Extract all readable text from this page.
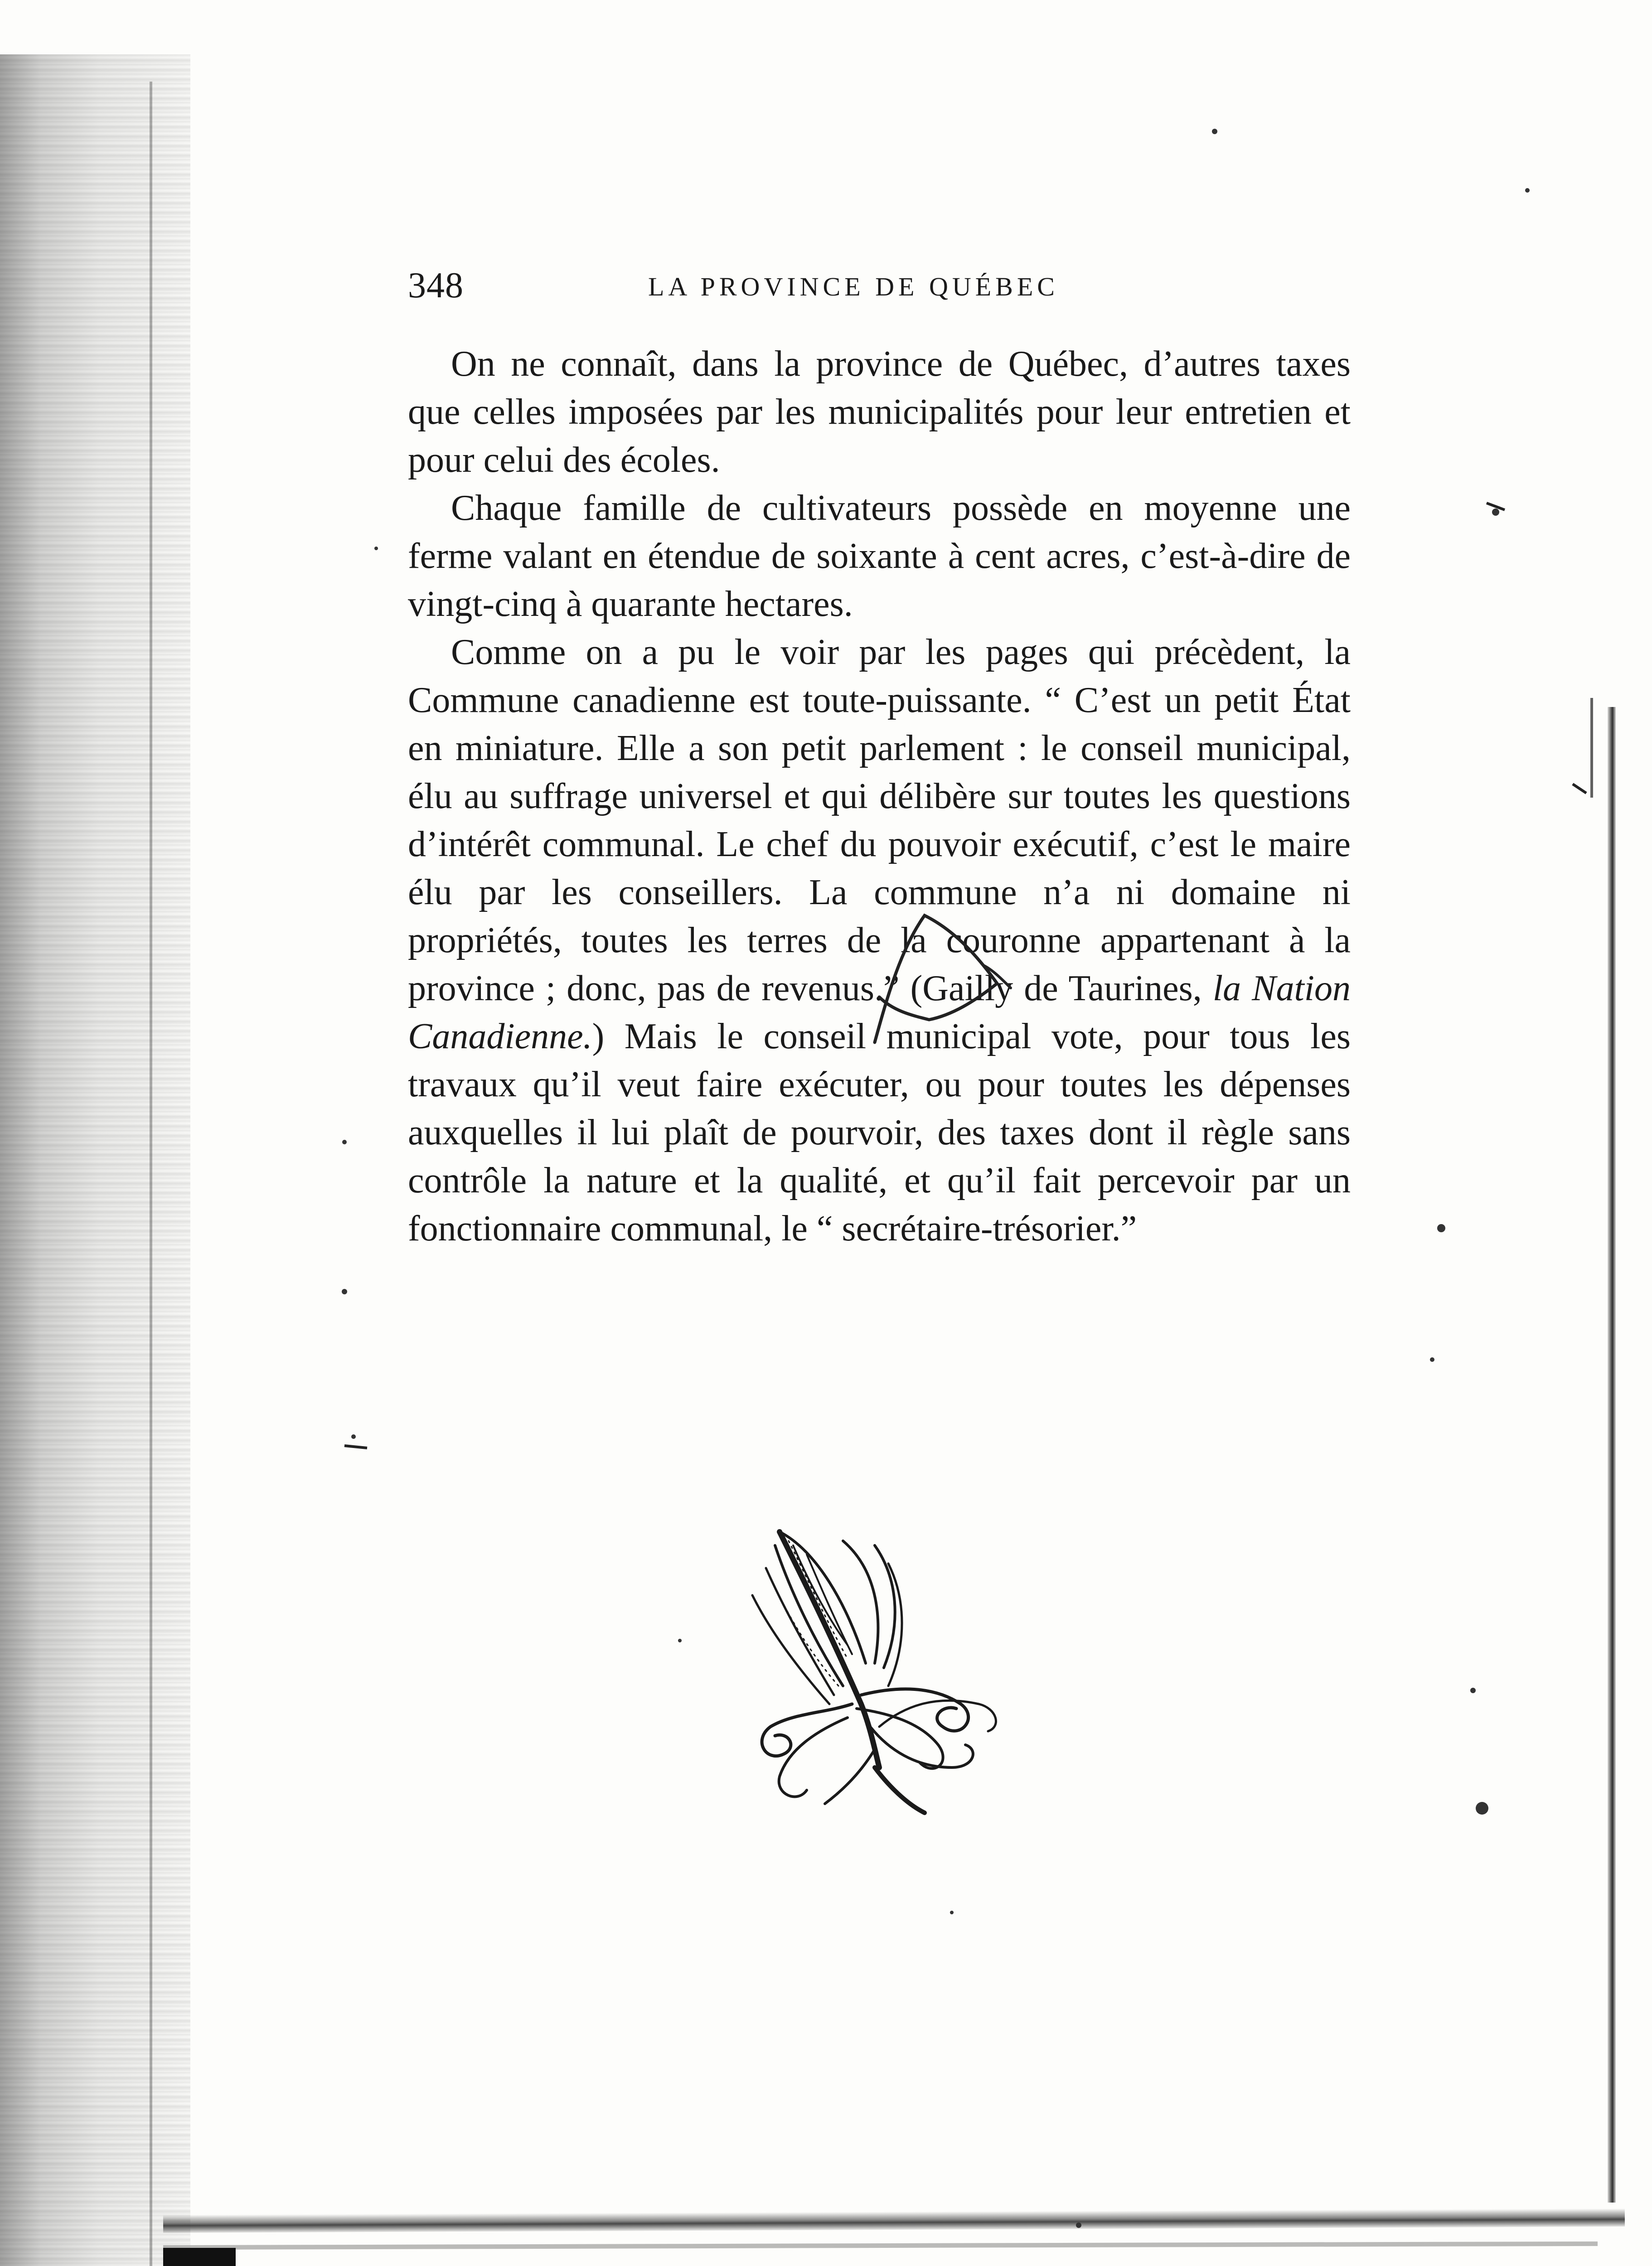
348	LA PROVINCE DE QUÉBEC

On ne connaît, dans la province de Québec, d’autres taxes que celles imposées par les municipalités pour leur entretien et pour celui des écoles.

Chaque famille de cultivateurs possède en moyenne une ferme valant en étendue de soixante à cent acres, c’est-à-dire de vingt-cinq à quarante hectares.

Comme on a pu le voir par les pages qui précèdent, la Commune canadienne est toute-puissante. “ C’est un petit État en miniature. Elle a son petit parlement : le conseil municipal, élu au suffrage universel et qui délibère sur toutes les questions d’intérêt communal. Le chef du pouvoir exécutif, c’est le maire élu par les conseillers. La commune n’a ni domaine ni propriétés, toutes les terres de la couronne appartenant à la province ; donc, pas de revenus.” (Gailly de Taurines, la Nation Canadienne.) Mais le conseil municipal vote, pour tous les travaux qu’il veut faire exécuter, ou pour toutes les dépenses auxquelles il lui plaît de pourvoir, des taxes dont il règle sans contrôle la nature et la qualité, et qu’il fait percevoir par un fonctionnaire communal, le “ secrétaire-trésorier.”
